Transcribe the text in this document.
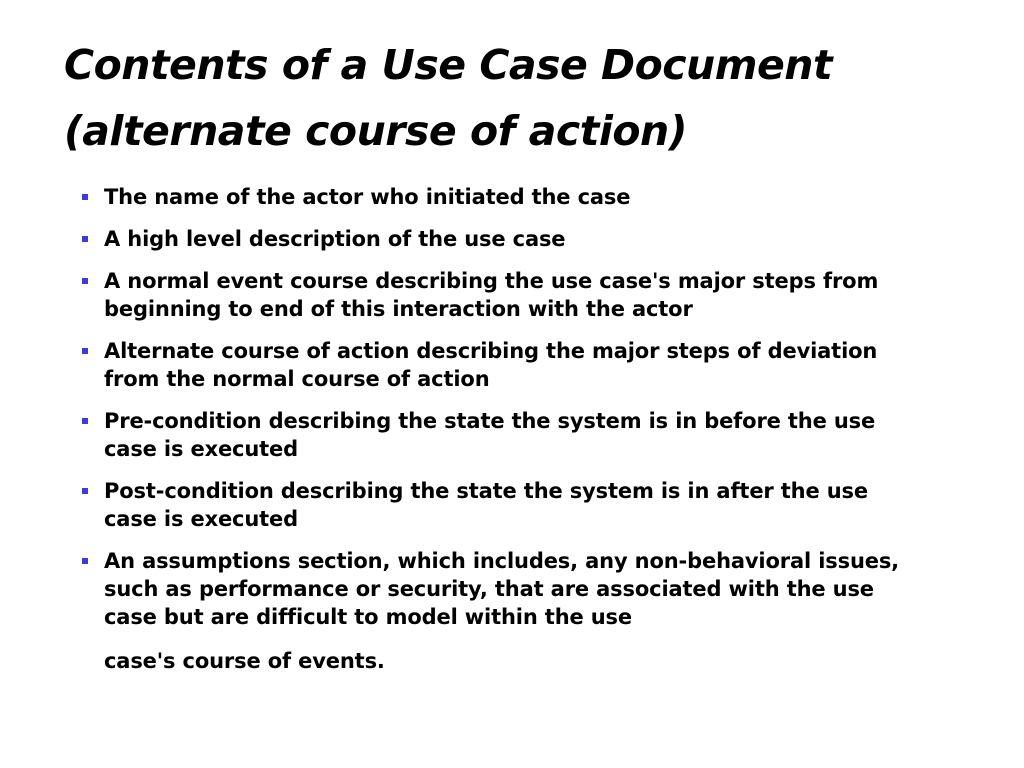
Contents of a Use Case Document
(alternate course of action)
The name of the actor who initiated the case
A high level description of the use case
A normal event course describing the use case's major steps from beginning to end of this interaction with the actor
Alternate course of action describing the major steps of deviation from the normal course of action
Pre-condition describing the state the system is in before the use case is executed
Post-condition describing the state the system is in after the use case is executed
An assumptions section, which includes, any non-behavioral issues, such as performance or security, that are associated with the use case but are difficult to model within the use
case's course of events.
